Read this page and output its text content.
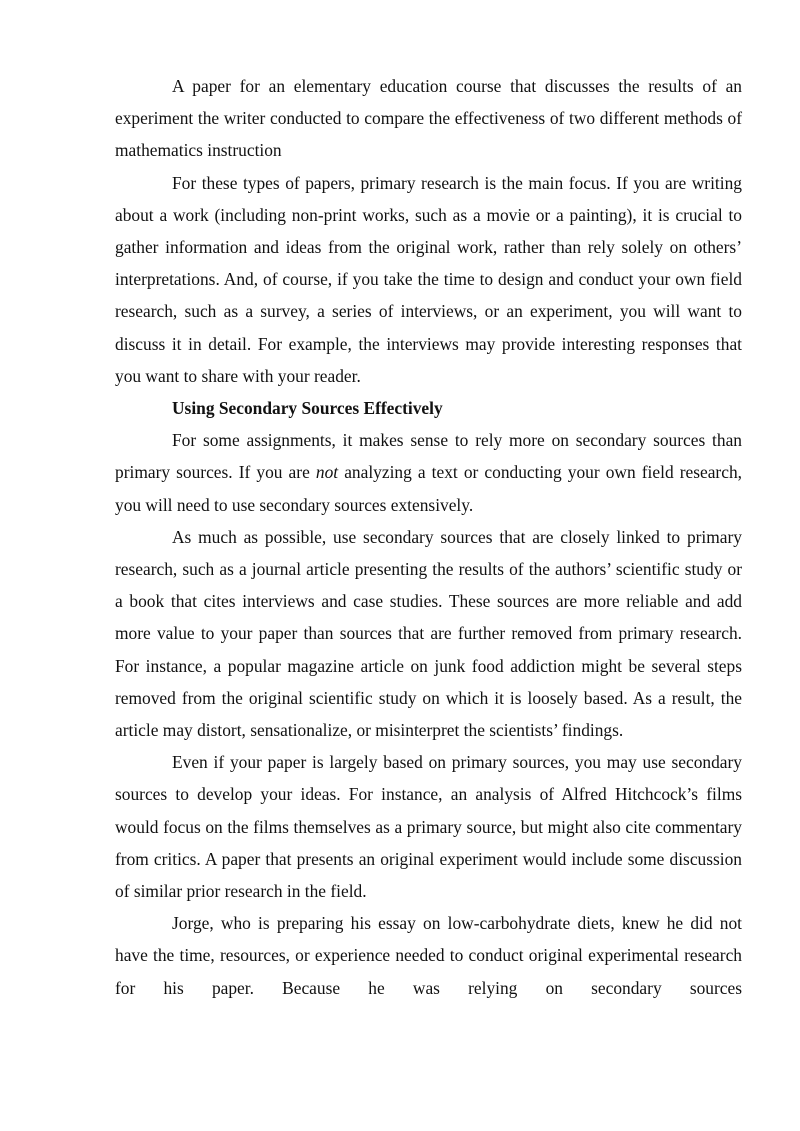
A paper for an elementary education course that discusses the results of an experiment the writer conducted to compare the effectiveness of two different methods of mathematics instruction

For these types of papers, primary research is the main focus. If you are writing about a work (including non-print works, such as a movie or a painting), it is crucial to gather information and ideas from the original work, rather than rely solely on others’ interpretations. And, of course, if you take the time to design and conduct your own field research, such as a survey, a series of interviews, or an experiment, you will want to discuss it in detail. For example, the interviews may provide interesting responses that you want to share with your reader.

Using Secondary Sources Effectively

For some assignments, it makes sense to rely more on secondary sources than primary sources. If you are not analyzing a text or conducting your own field research, you will need to use secondary sources extensively.

As much as possible, use secondary sources that are closely linked to primary research, such as a journal article presenting the results of the authors’ scientific study or a book that cites interviews and case studies. These sources are more reliable and add more value to your paper than sources that are further removed from primary research. For instance, a popular magazine article on junk food addiction might be several steps removed from the original scientific study on which it is loosely based. As a result, the article may distort, sensationalize, or misinterpret the scientists’ findings.

Even if your paper is largely based on primary sources, you may use secondary sources to develop your ideas. For instance, an analysis of Alfred Hitchcock’s films would focus on the films themselves as a primary source, but might also cite commentary from critics. A paper that presents an original experiment would include some discussion of similar prior research in the field.

Jorge, who is preparing his essay on low-carbohydrate diets, knew he did not have the time, resources, or experience needed to conduct original experimental research for his paper. Because he was relying on secondary sources
